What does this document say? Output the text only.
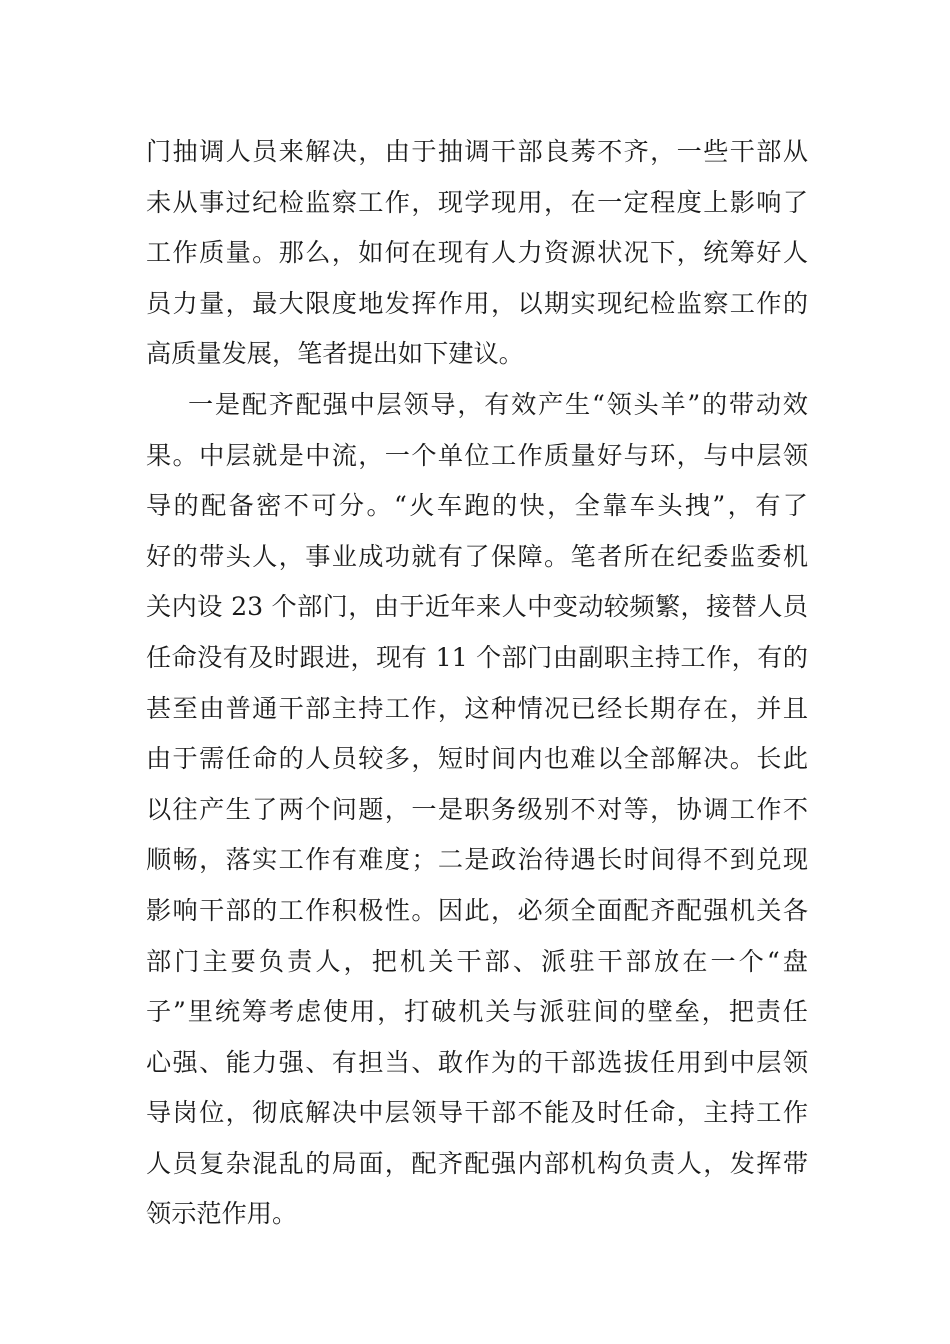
门抽调人员来解决，由于抽调干部良莠不齐，一些干部从
未从事过纪检监察工作，现学现用，在一定程度上影响了
工作质量。那么，如何在现有人力资源状况下，统筹好人
员力量，最大限度地发挥作用，以期实现纪检监察工作的
高质量发展，笔者提出如下建议。
一是配齐配强中层领导，有效产生“领头羊”的带动效
果。中层就是中流，一个单位工作质量好与环，与中层领
导的配备密不可分。“火车跑的快，全靠车头拽”，有了
好的带头人，事业成功就有了保障。笔者所在纪委监委机
关内设 23 个部门，由于近年来人中变动较频繁，接替人员
任命没有及时跟进，现有 11 个部门由副职主持工作，有的
甚至由普通干部主持工作，这种情况已经长期存在，并且
由于需任命的人员较多，短时间内也难以全部解决。长此
以往产生了两个问题，一是职务级别不对等，协调工作不
顺畅，落实工作有难度；二是政治待遇长时间得不到兑现
影响干部的工作积极性。因此，必须全面配齐配强机关各
部门主要负责人，把机关干部、派驻干部放在一个“盘
子”里统筹考虑使用，打破机关与派驻间的壁垒，把责任
心强、能力强、有担当、敢作为的干部选拔任用到中层领
导岗位，彻底解决中层领导干部不能及时任命，主持工作
人员复杂混乱的局面，配齐配强内部机构负责人，发挥带
领示范作用。
